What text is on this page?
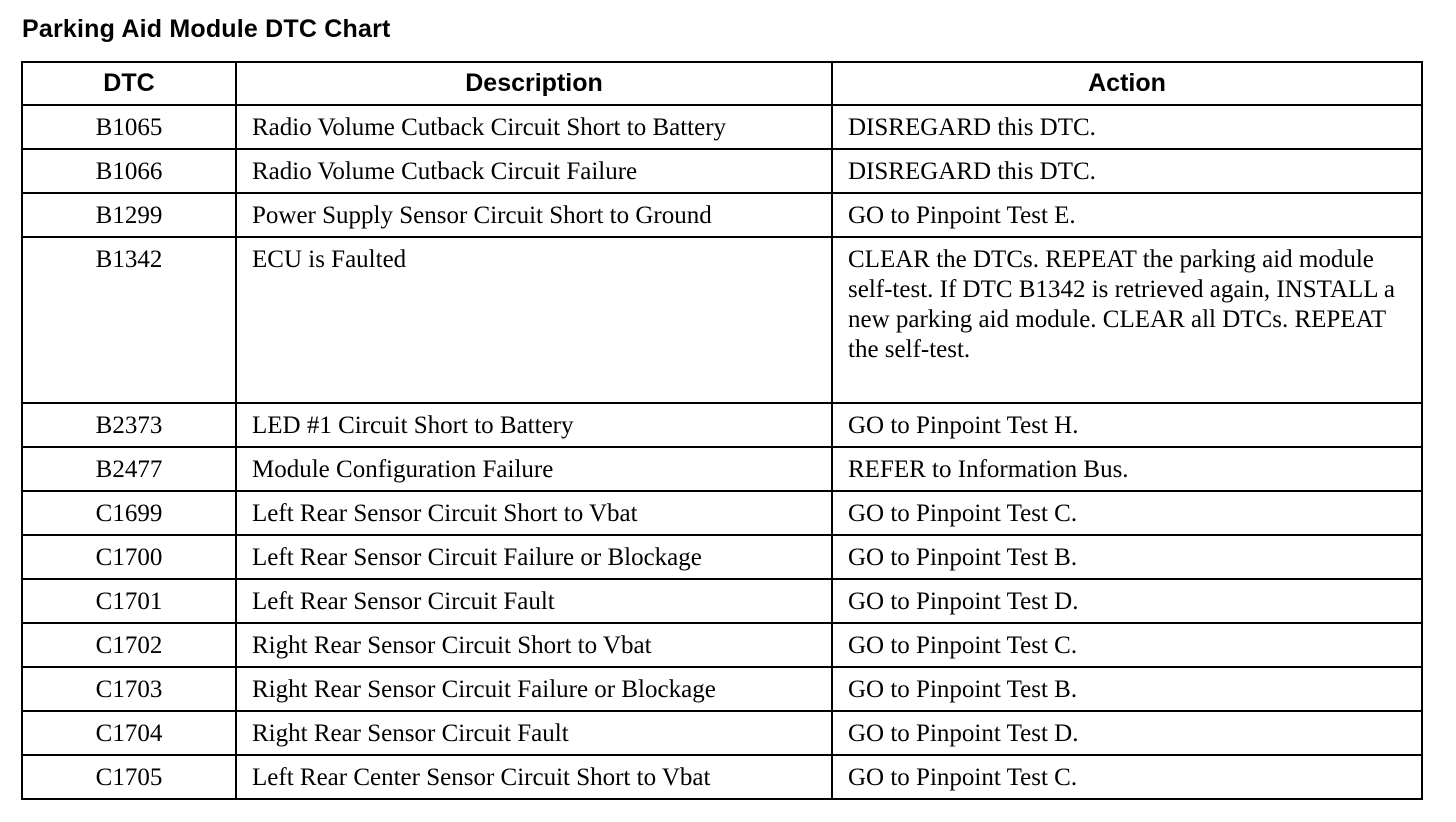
Parking Aid Module DTC Chart
DTC	Description	Action

B1065	Radio Volume Cutback Circuit Short to Battery	DISREGARD this DTC.

B1066	Radio Volume Cutback Circuit Failure	DISREGARD this DTC.

B1299	Power Supply Sensor Circuit Short to Ground	GO to Pinpoint Test E.

B1342	ECU is Faulted	CLEAR the DTCs. REPEAT the parking aid module self-test. If DTC B1342 is retrieved again, INSTALL a new parking aid module. CLEAR all DTCs. REPEAT the self-test.

B2373	LED #1 Circuit Short to Battery	GO to Pinpoint Test H.

B2477	Module Configuration Failure	REFER to Information Bus.

C1699	Left Rear Sensor Circuit Short to Vbat	GO to Pinpoint Test C.

C1700	Left Rear Sensor Circuit Failure or Blockage	GO to Pinpoint Test B.

C1701	Left Rear Sensor Circuit Fault	GO to Pinpoint Test D.

C1702	Right Rear Sensor Circuit Short to Vbat	GO to Pinpoint Test C.

C1703	Right Rear Sensor Circuit Failure or Blockage	GO to Pinpoint Test B.

C1704	Right Rear Sensor Circuit Fault	GO to Pinpoint Test D.

C1705	Left Rear Center Sensor Circuit Short to Vbat	GO to Pinpoint Test C.
